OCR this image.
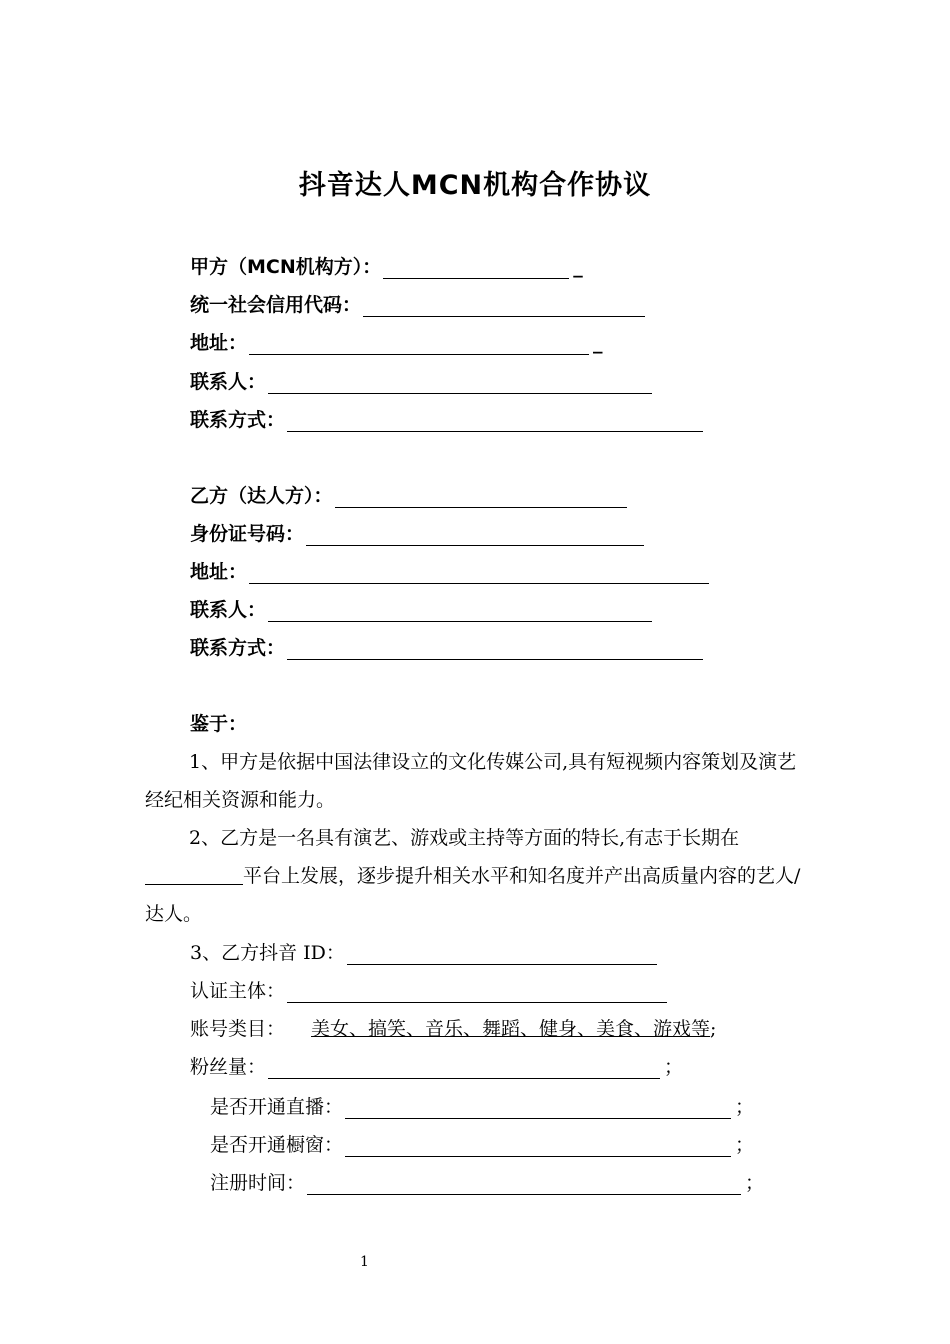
抖音达人MCN机构合作协议
甲方（MCN机构方）：	_
统一社会信用代码：
地址：	_
联系人：
联系方式：
乙方（达人方）：
身份证号码：
地址：
联系人：
联系方式：
鉴于：
1、甲方是依据中国法律设立的文化传媒公司,具有短视频内容策划及演艺经纪相关资源和能力。
2、乙方是一名具有演艺、游戏或主持等方面的特长,有志于长期在平台上发展，逐步提升相关水平和知名度并产出高质量内容的艺人/达人。
3、乙方抖音 ID：
认证主体：
账号类目： 美女、搞笑、音乐、舞蹈、健身、美食、游戏等 ;
粉丝量：	；
是否开通直播：	；
是否开通橱窗：	；
注册时间：	；
1
